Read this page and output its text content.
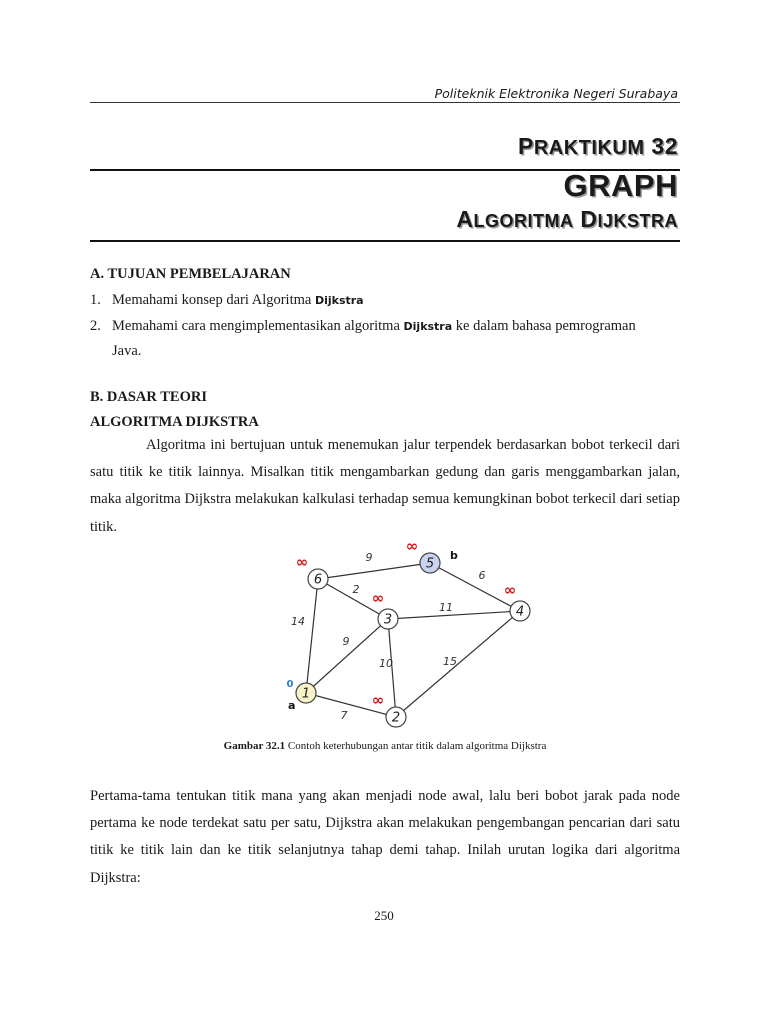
Politeknik Elektronika Negeri Surabaya
PRAKTIKUM 32
GRAPH
ALGORITMA DIJKSTRA
A. TUJUAN PEMBELAJARAN
1. Memahami konsep dari Algoritma Dijkstra
2. Memahami cara mengimplementasikan algoritma Dijkstra ke dalam bahasa pemrograman
Java.
B. DASAR TEORI
ALGORITMA DIJKSTRA
Algoritma ini bertujuan untuk menemukan jalur terpendek berdasarkan bobot terkecil dari satu titik ke titik lainnya. Misalkan titik mengambarkan gedung dan garis menggambarkan jalan, maka algoritma Dijkstra melakukan kalkulasi terhadap semua kemungkinan bobot terkecil dari setiap titik.
9
6
2
11
14
9
10	15
7
1
0
a
2
∞
3
∞
4
∞
5
∞
b
6
∞
Gambar 32.1 Contoh keterhubungan antar titik dalam algoritma Dijkstra
Pertama-tama tentukan titik mana yang akan menjadi node awal, lalu beri bobot jarak pada node pertama ke node terdekat satu per satu, Dijkstra akan melakukan pengembangan pencarian dari satu titik ke titik lain dan ke titik selanjutnya tahap demi tahap. Inilah urutan logika dari algoritma Dijkstra:
250
